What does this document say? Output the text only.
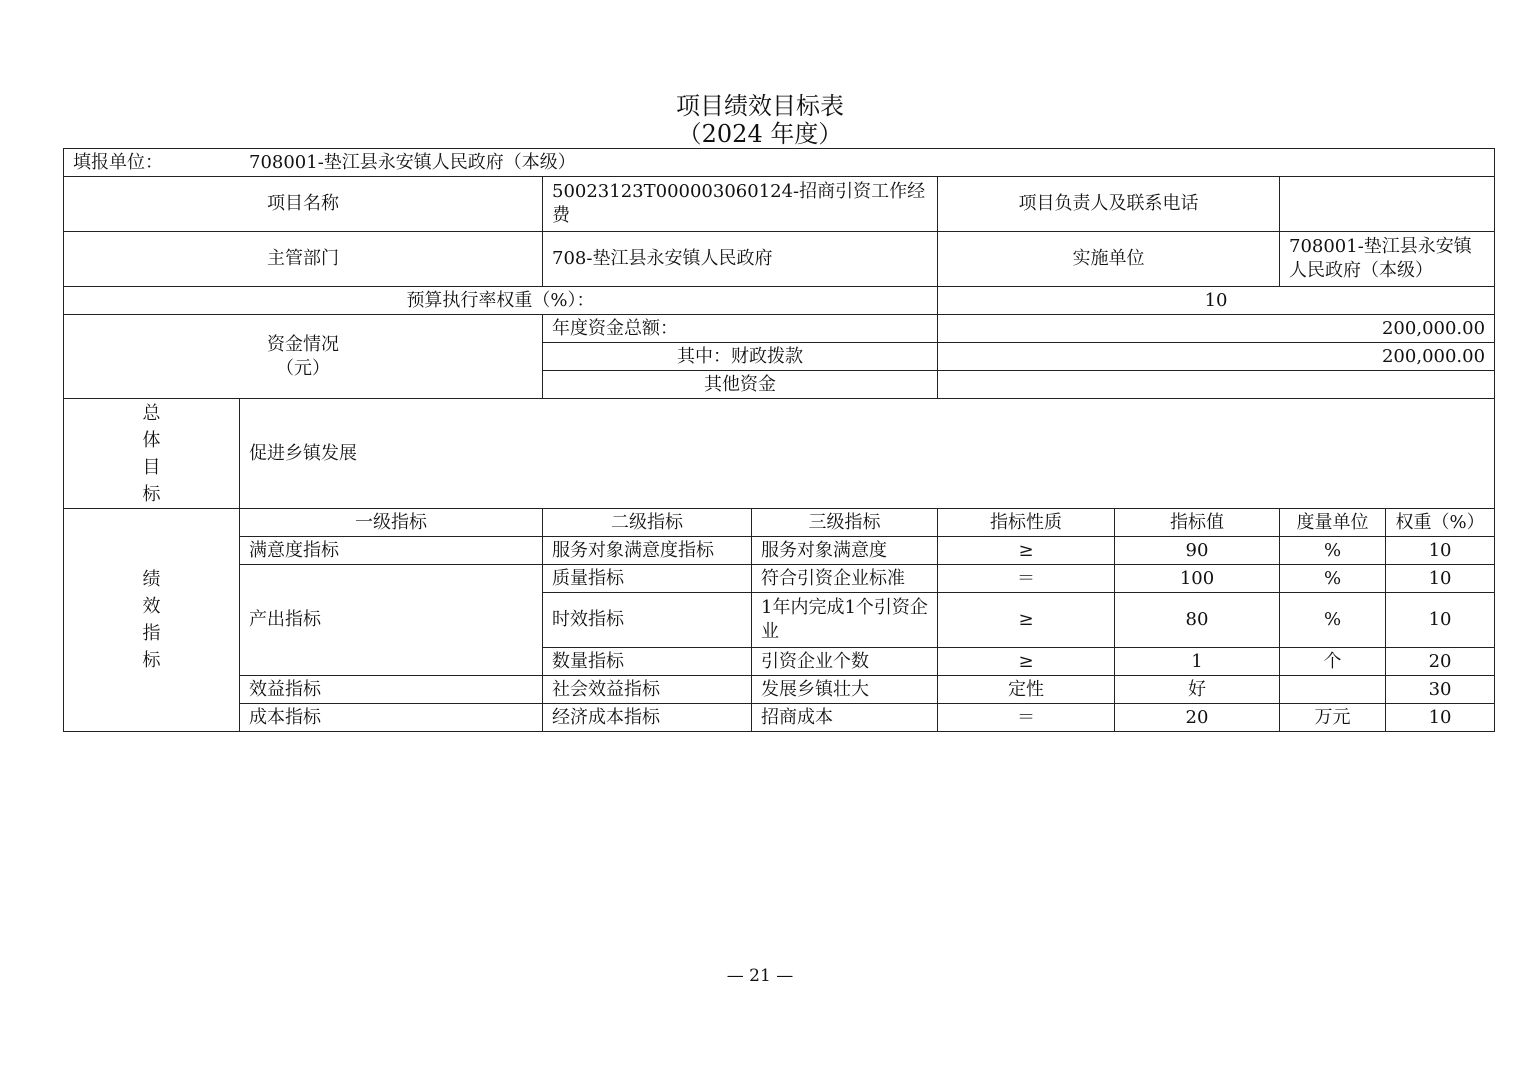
项目绩效目标表
（2024 年度）
填报单位： 708001-垫江县永安镇人民政府（本级）							
项目名称		50023123T000003060124-招商引资工作经费		项目负责人及联系电话			
主管部门		708-垫江县永安镇人民政府		实施单位		708001-垫江县永安镇人民政府（本级）	
预算执行率权重（%）：				10			

资金情况
（元）		年度资金总额：		200,000.00			
		其中：财政拨款		200,000.00			
		其他资金					

总
体
目
标	促进乡镇发展						

绩
效
指
标	一级指标	二级指标	三级指标	指标性质	指标值	度量单位	权重（%）
	满意度指标	服务对象满意度指标	服务对象满意度	≥	90	%	10
	产出指标	质量指标	符合引资企业标准	＝	100	%	10
		时效指标	1年内完成1个引资企业	≥	80	%	10
		数量指标	引资企业个数	≥	1	个	20
	效益指标	社会效益指标	发展乡镇壮大	定性	好		30
	成本指标	经济成本指标	招商成本	＝	20	万元	10
— 21 —
